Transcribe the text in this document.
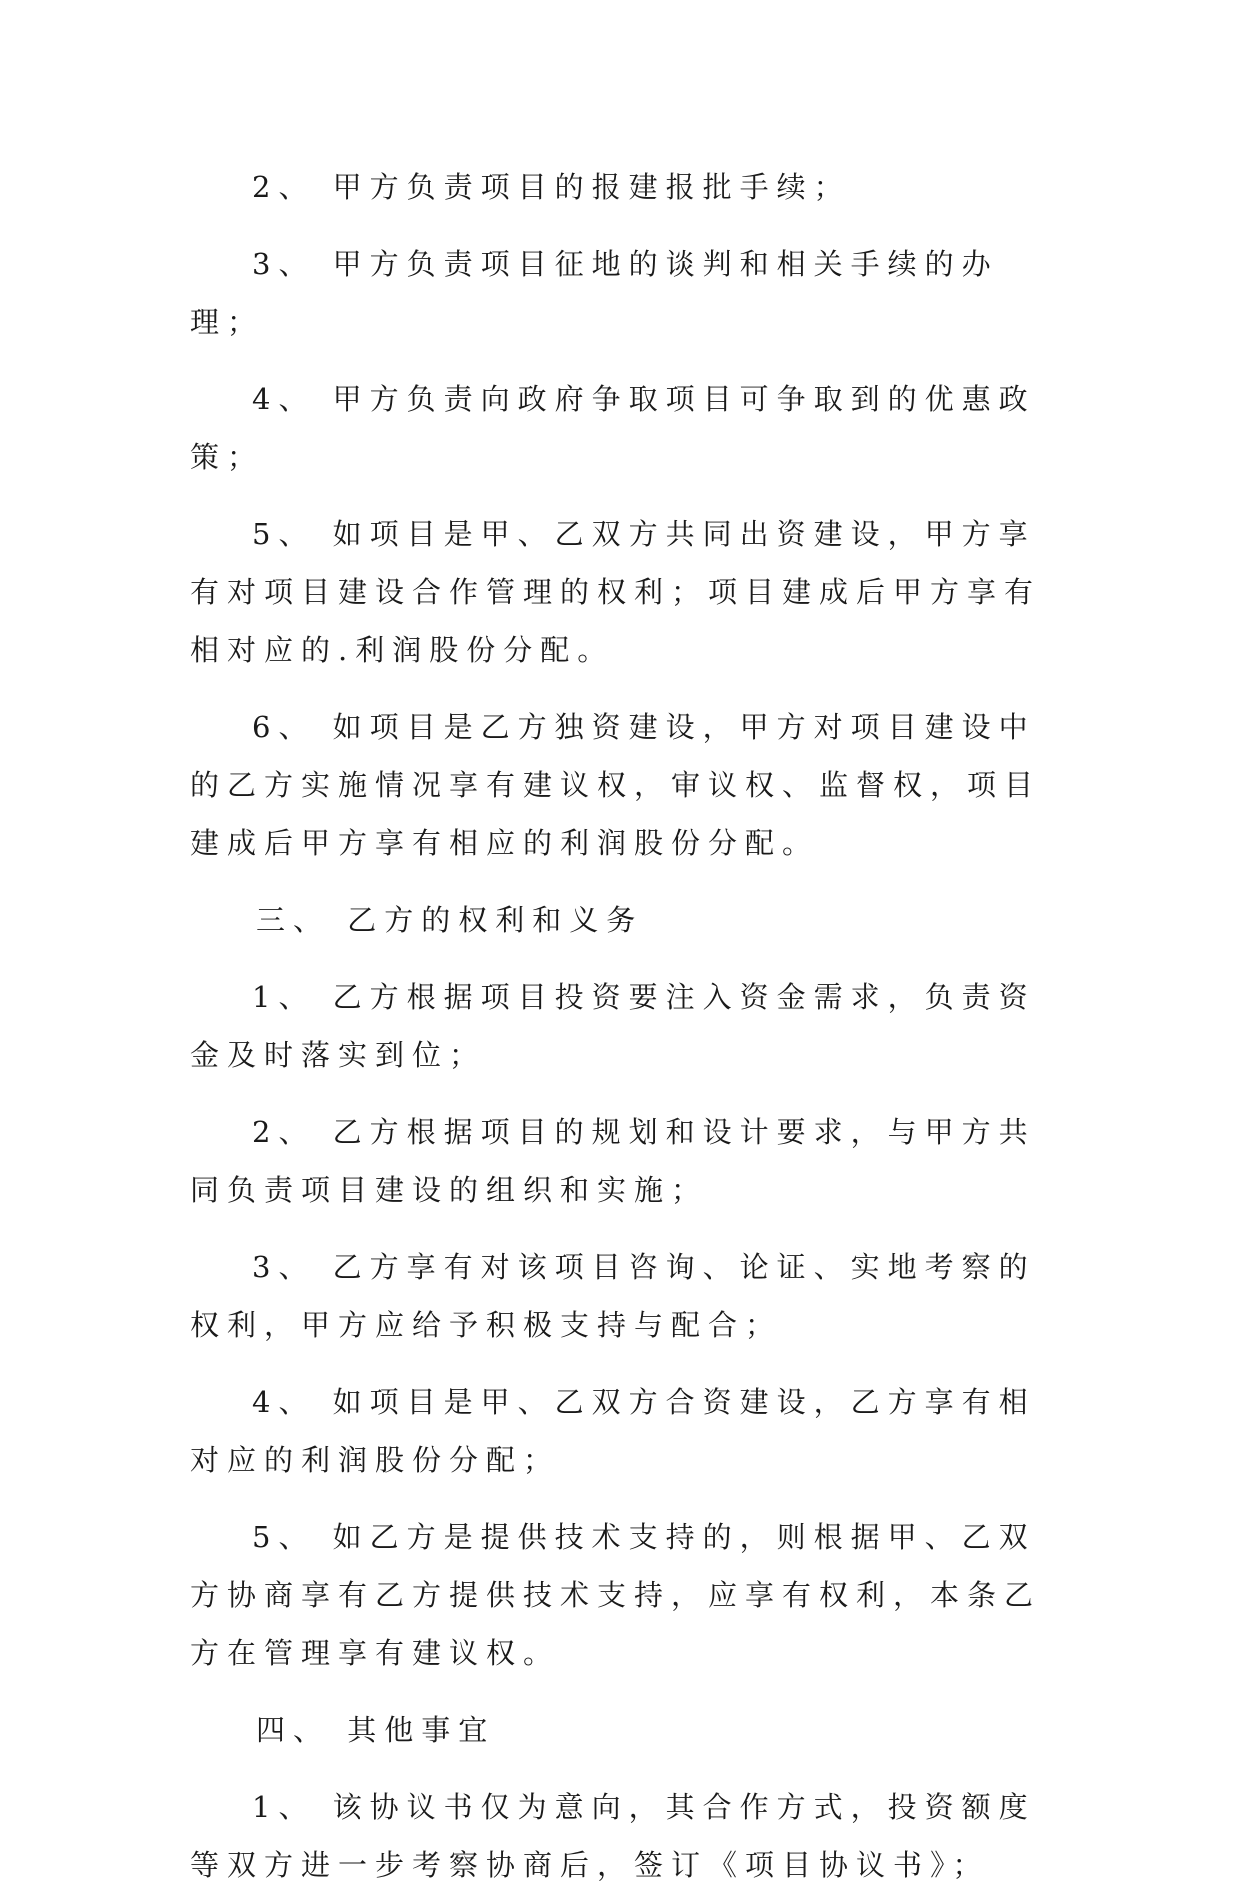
2、 甲方负责项目的报建报批手续；

3、 甲方负责项目征地的谈判和相关手续的办理；

4、 甲方负责向政府争取项目可争取到的优惠政策；

5、 如项目是甲、乙双方共同出资建设，甲方享有对项目建设合作管理的权利；项目建成后甲方享有相对应的.利润股份分配。

6、 如项目是乙方独资建设，甲方对项目建设中的乙方实施情况享有建议权，审议权、监督权，项目建成后甲方享有相应的利润股份分配。

三、 乙方的权利和义务

1、 乙方根据项目投资要注入资金需求，负责资金及时落实到位；

2、 乙方根据项目的规划和设计要求，与甲方共同负责项目建设的组织和实施；

3、 乙方享有对该项目咨询、论证、实地考察的权利，甲方应给予积极支持与配合；

4、 如项目是甲、乙双方合资建设，乙方享有相对应的利润股份分配；

5、 如乙方是提供技术支持的，则根据甲、乙双方协商享有乙方提供技术支持，应享有权利，本条乙方在管理享有建议权。

四、 其他事宜

1、 该协议书仅为意向，其合作方式，投资额度等双方进一步考察协商后，签订《项目协议书》；
